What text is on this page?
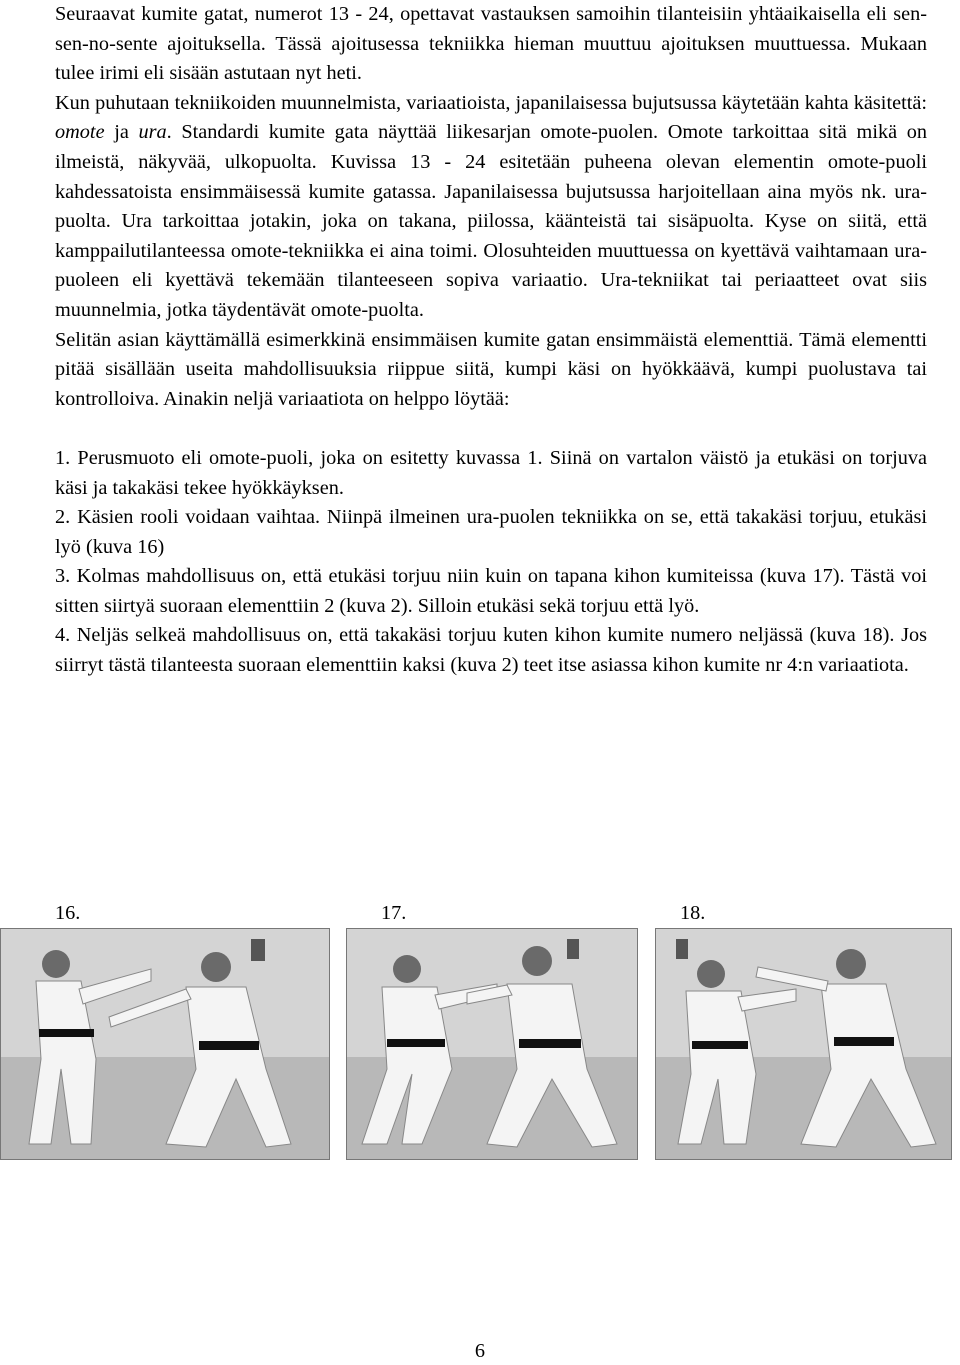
Seuraavat kumite gatat, numerot 13 - 24, opettavat vastauksen samoihin tilanteisiin yhtäaikaisella eli sen-sen-no-sente ajoituksella. Tässä ajoitusessa tekniikka hieman muuttuu ajoituksen muuttuessa. Mukaan tulee irimi eli sisään astutaan nyt heti.

Kun puhutaan tekniikoiden muunnelmista, variaatioista, japanilaisessa bujutsussa käytetään kahta käsitettä: omote ja ura. Standardi kumite gata näyttää liikesarjan omote-puolen. Omote tarkoittaa sitä mikä on ilmeistä, näkyvää, ulkopuolta. Kuvissa 13 - 24 esitetään puheena olevan elementin omote-puoli kahdessatoista ensimmäisessä kumite gatassa. Japanilaisessa bujutsussa harjoitellaan aina myös nk. ura-puolta. Ura tarkoittaa jotakin, joka on takana, piilossa, käänteistä tai sisäpuolta. Kyse on siitä, että kamppailutilanteessa omote-tekniikka ei aina toimi. Olosuhteiden muuttuessa on kyettävä vaihtamaan ura-puoleen eli kyettävä tekemään tilanteeseen sopiva variaatio. Ura-tekniikat tai periaatteet ovat siis muunnelmia, jotka täydentävät omote-puolta.

Selitän asian käyttämällä esimerkkinä ensimmäisen kumite gatan ensimmäistä elementtiä. Tämä elementti pitää sisällään useita mahdollisuuksia riippue siitä, kumpi käsi on hyökkäävä, kumpi puolustava tai kontrolloiva. Ainakin neljä variaatiota on helppo löytää:

1. Perusmuoto eli omote-puoli, joka on esitetty kuvassa 1. Siinä on vartalon väistö ja etukäsi on torjuva käsi ja takakäsi tekee hyökkäyksen.

2. Käsien rooli voidaan vaihtaa. Niinpä ilmeinen ura-puolen tekniikka on se, että takakäsi torjuu, etukäsi lyö (kuva 16)

3. Kolmas mahdollisuus on, että etukäsi torjuu niin kuin on tapana kihon kumiteissa (kuva 17). Tästä voi sitten siirtyä suoraan elementtiin 2 (kuva 2). Silloin etukäsi sekä torjuu että lyö.

4. Neljäs selkeä mahdollisuus on, että takakäsi torjuu kuten kihon kumite numero neljässä (kuva 18). Jos siirryt tästä tilanteesta suoraan elementtiin kaksi (kuva 2) teet itse asiassa kihon kumite nr 4:n variaatiota.

16.	17.	18.
6
